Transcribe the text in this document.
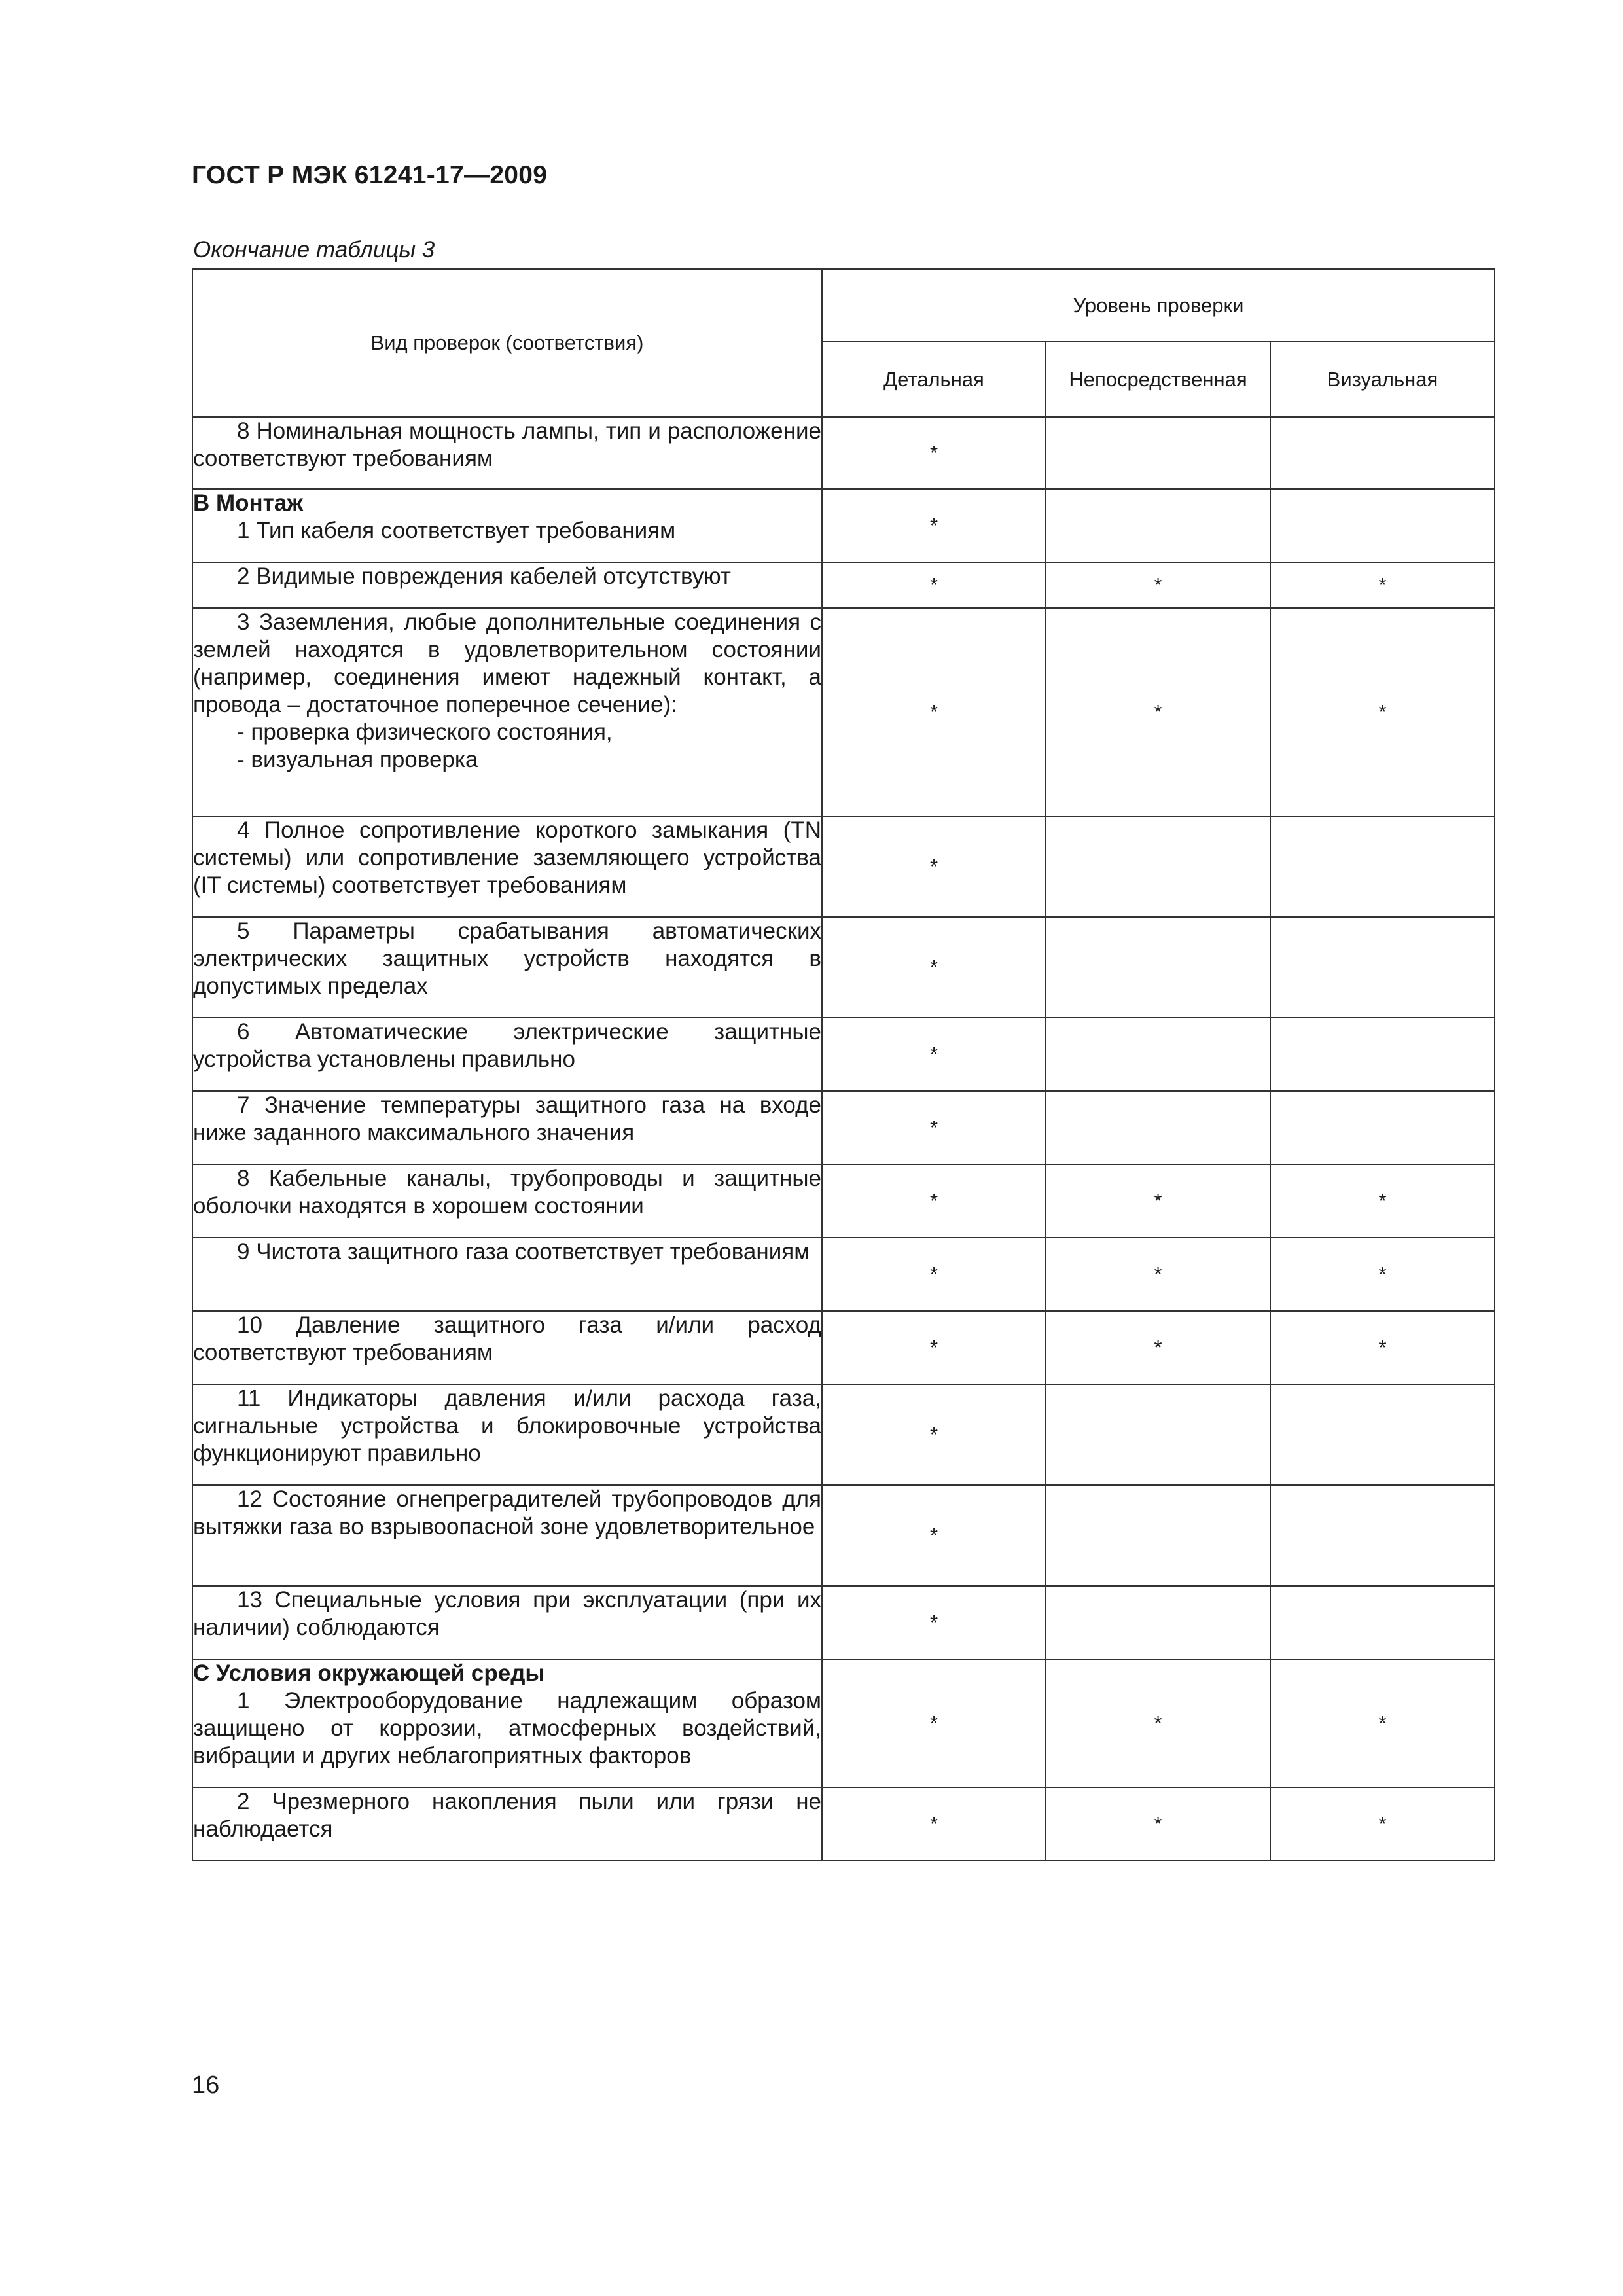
ГОСТ Р МЭК 61241-17—2009
Окончание таблицы 3
Вид проверок (соответствия)	Уровень проверки		
	Детальная	Непосредственная	Визуальная

8 Номинальная мощность лампы, тип и расположение соответствуют требованиям	*		

В Монтаж
1 Тип кабеля соответствует требованиям	*		

2 Видимые повреждения кабелей отсутствуют	*	*	*

3 Заземления, любые дополнительные соединения с землей находятся в удовлетворительном состоянии (например, соединения имеют надежный контакт, а провода – достаточное поперечное сечение):
- проверка физического состояния,
- визуальная проверка	*	*	*

4 Полное сопротивление короткого замыкания (TN системы) или сопротивление заземляющего устройства (IT системы) соответствует требованиям	*		

5 Параметры срабатывания автоматических электрических защитных устройств находятся в допустимых пределах	*		

6 Автоматические электрические защитные устройства установлены правильно	*		

7 Значение температуры защитного газа на входе ниже заданного максимального значения	*		

8 Кабельные каналы, трубопроводы и защитные оболочки находятся в хорошем состоянии	*	*	*

9 Чистота защитного газа соответствует требованиям	*	*	*

10 Давление защитного газа и/или расход соответствуют требованиям	*	*	*

11 Индикаторы давления и/или расхода газа, сигнальные устройства и блокировочные устройства функционируют правильно	*		

12 Состояние огнепреградителей трубопроводов для вытяжки газа во взрывоопасной зоне удовлетворительное	*		

13 Специальные условия при эксплуатации (при их наличии) соблюдаются	*		

С Условия окружающей среды
1 Электрооборудование надлежащим образом защищено от коррозии, атмосферных воздействий, вибрации и других неблагоприятных факторов	*	*	*

2 Чрезмерного накопления пыли или грязи не наблюдается	*	*	*
16
